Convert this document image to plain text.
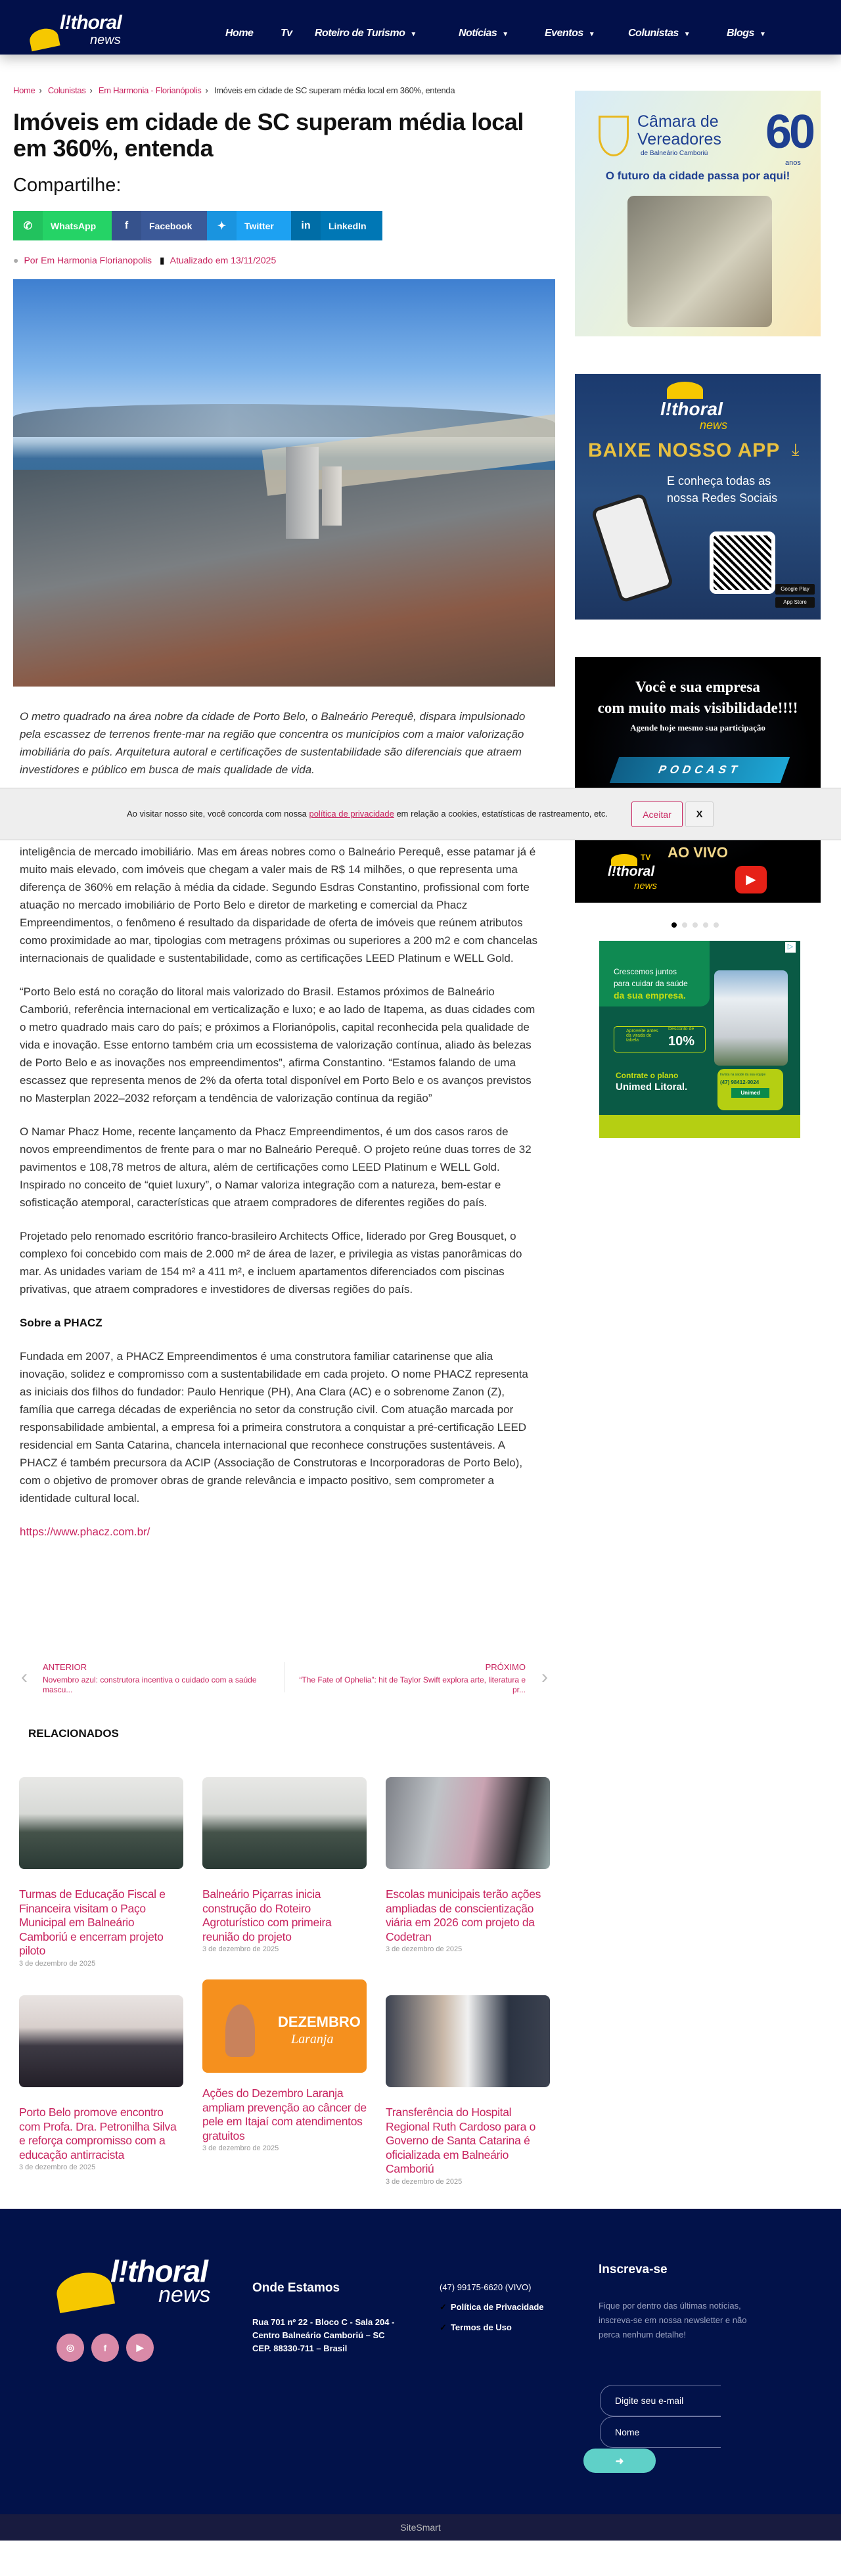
l!thoral
news	Home	Tv Roteiro de Turismo ▼	Notícias ▼	Eventos ▼	Colunistas ▼	Blogs ▼
Home › Colunistas › Em Harmonia - Florianópolis › Imóveis em cidade de SC superam média local em 360%, entenda
Imóveis em cidade de SC superam média local em 360%, entenda
Compartilhe:
✆	WhatsApp	f	Facebook	✦	Twitter	in	LinkedIn
● Por Em Harmonia Florianopolis ▮ Atualizado em 13/11/2025

O metro quadrado na área nobre da cidade de Porto Belo, o Balneário Perequê, dispara impulsionado pela escassez de terrenos frente-mar na região que concentra os municípios com a maior valorização imobiliária do país. Arquitetura autoral e certificações de sustentabilidade são diferenciais que atraem investidores e público em busca de mais qualidade de vida.

Ao visitar nosso site, você concorda com nossa política de privacidade em relação a cookies, estatísticas de rastreamento, etc.	Aceitar	X

inteligência de mercado imobiliário. Mas em áreas nobres como o Balneário Perequê, esse patamar já é muito mais elevado, com imóveis que chegam a valer mais de R$ 14 milhões, o que representa uma diferença de 360% em relação à média da cidade. Segundo Esdras Constantino, profissional com forte atuação no mercado imobiliário de Porto Belo e diretor de marketing e comercial da Phacz Empreendimentos, o fenômeno é resultado da disparidade de oferta de imóveis que reúnem atributos como proximidade ao mar, tipologias com metragens próximas ou superiores a 200 m2 e com chancelas internacionais de qualidade e sustentabilidade, como as certificações LEED Platinum e WELL Gold.

“Porto Belo está no coração do litoral mais valorizado do Brasil. Estamos próximos de Balneário Camboriú, referência internacional em verticalização e luxo; e ao lado de Itapema, as duas cidades com o metro quadrado mais caro do país; e próximos a Florianópolis, capital reconhecida pela qualidade de vida e inovação. Esse entorno também cria um ecossistema de valorização contínua, aliado às belezas de Porto Belo e as inovações nos empreendimentos”, afirma Constantino. “Estamos falando de uma escassez que representa menos de 2% da oferta total disponível em Porto Belo e os avanços previstos no Masterplan 2022–2032 reforçam a tendência de valorização contínua da região”

O Namar Phacz Home, recente lançamento da Phacz Empreendimentos, é um dos casos raros de novos empreendimentos de frente para o mar no Balneário Perequê. O projeto reúne duas torres de 32 pavimentos e 108,78 metros de altura, além de certificações como LEED Platinum e WELL Gold. Inspirado no conceito de “quiet luxury”, o Namar valoriza integração com a natureza, bem-estar e sofisticação atemporal, características que atraem compradores de diferentes regiões do país.

Projetado pelo renomado escritório franco-brasileiro Architects Office, liderado por Greg Bousquet, o complexo foi concebido com mais de 2.000 m² de área de lazer, e privilegia as vistas panorâmicas do mar. As unidades variam de 154 m² a 411 m², e incluem apartamentos diferenciados com piscinas privativas, que atraem compradores e investidores de diversas regiões do país.

Sobre a PHACZ

Fundada em 2007, a PHACZ Empreendimentos é uma construtora familiar catarinense que alia inovação, solidez e compromisso com a sustentabilidade em cada projeto. O nome PHACZ representa as iniciais dos filhos do fundador: Paulo Henrique (PH), Ana Clara (AC) e o sobrenome Zanon (Z), família que carrega décadas de experiência no setor da construção civil. Com atuação marcada por responsabilidade ambiental, a empresa foi a primeira construtora a conquistar a pré-certificação LEED residencial em Santa Catarina, chancela internacional que reconhece construções sustentáveis. A PHACZ é também precursora da ACIP (Associação de Construtoras e Incorporadoras de Porto Belo), com o objetivo de promover obras de grande relevância e impacto positivo, sem comprometer a identidade cultural local.

https://www.phacz.com.br/
Câmara de
Vereadores
de Balneário Camboriú 60
anos
O futuro da cidade passa por aqui!
l!thoral
news
BAIXE NOSSO APP ⤓
E conheça todas as nossa Redes Sociais
Google Play
App Store
Você e sua empresa
com muito mais visibilidade!!!!
Agende hoje mesmo sua participação
PODCAST
AO VIVO
TV
l!thoral
news	▶
Crescemos juntos
para cuidar da saúde
da sua empresa.
Aproveite antes da virada de tabela
Desconto de
10%
Contrate o plano
Unimed Litoral.
Invista na saúde da sua equipe
(47) 98412-9024
Unimed
▷
‹ ANTERIOR
Novembro azul: construtora incentiva o cuidado com a saúde mascu...
PRÓXIMO
“The Fate of Ophelia”: hit de Taylor Swift explora arte, literatura e pr...
›
RELACIONADOS
Turmas de Educação Fiscal e Financeira visitam o Paço Municipal em Balneário Camboriú e encerram projeto piloto
3 de dezembro de 2025
Balneário Piçarras inicia construção do Roteiro Agroturístico com primeira reunião do projeto
3 de dezembro de 2025
Escolas municipais terão ações ampliadas de conscientização viária em 2026 com projeto da Codetran
3 de dezembro de 2025
Porto Belo promove encontro com Profa. Dra. Petronilha Silva e reforça compromisso com a educação antirracista
3 de dezembro de 2025
DEZEMBRO
Laranja
Ações do Dezembro Laranja ampliam prevenção ao câncer de pele em Itajaí com atendimentos gratuitos
3 de dezembro de 2025
Transferência do Hospital Regional Ruth Cardoso para o Governo de Santa Catarina é oficializada em Balneário Camboriú
3 de dezembro de 2025
l!thoral
news	Onde Estamos
Rua 701 nº 22 - Bloco C - Sala 204 - Centro Balneário Camboriú – SC CEP. 88330-711 – Brasil
(47) 99175-6620 (VIVO)
✓ Política de Privacidade
✓ Termos de Uso
Inscreva-se
Fique por dentro das últimas notícias, inscreva-se em nossa newsletter e não perca nenhum detalhe!
Digite seu e-mail
Nome
➜
◎	f	▶
SiteSmart
